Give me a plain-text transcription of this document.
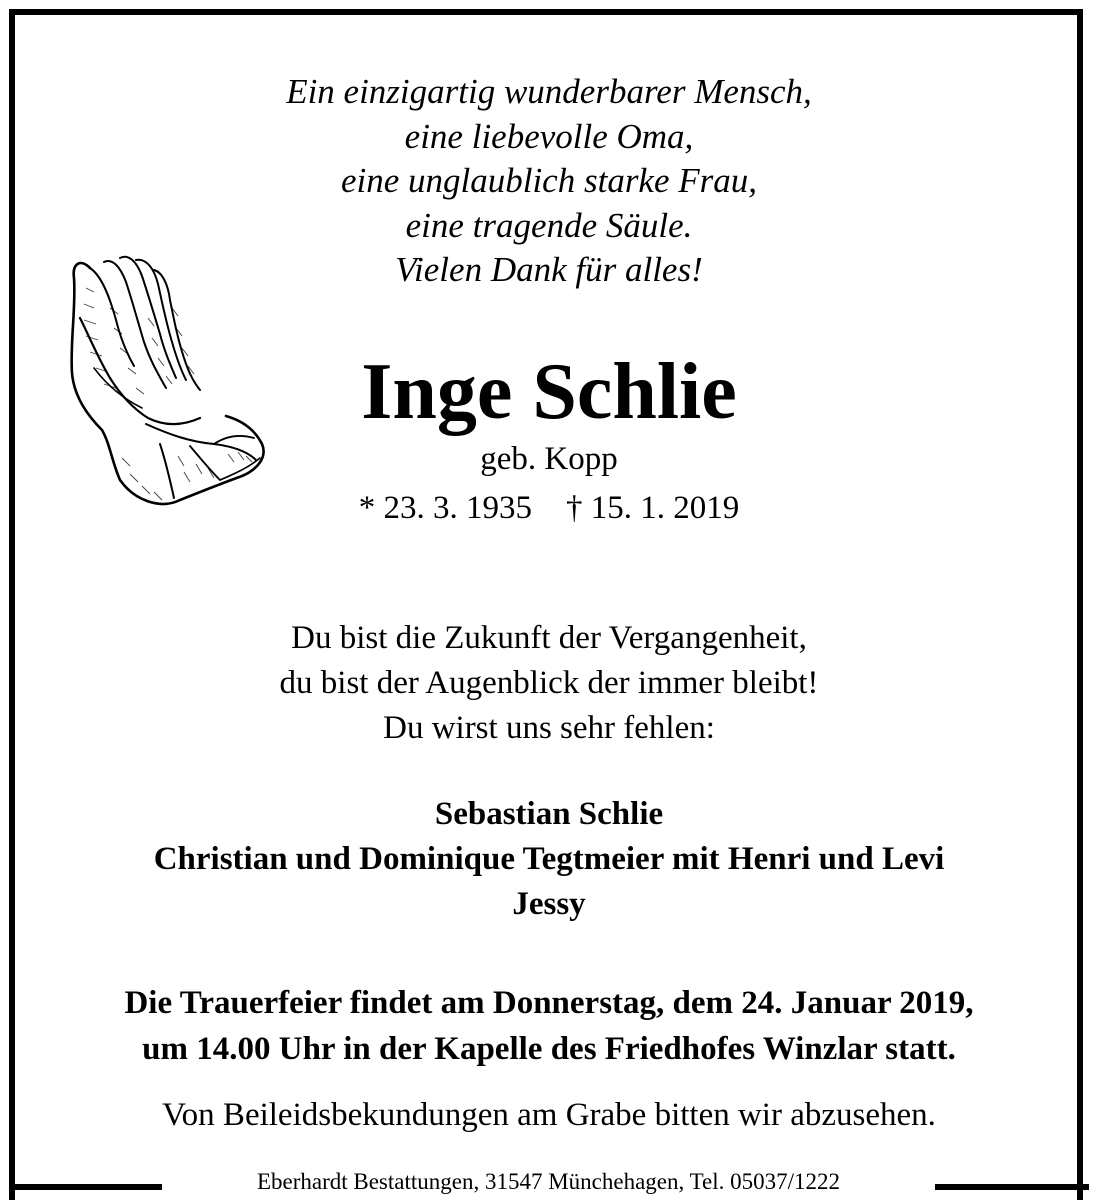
Ein einzigartig wunderbarer Mensch,
eine liebevolle Oma,
eine unglaublich starke Frau,
eine tragende Säule.
Vielen Dank für alles!
Inge Schlie
geb. Kopp
* 23. 3. 1935 † 15. 1. 2019
Du bist die Zukunft der Vergangenheit,
du bist der Augenblick der immer bleibt!
Du wirst uns sehr fehlen:
Sebastian Schlie
Christian und Dominique Tegtmeier mit Henri und Levi
Jessy
Die Trauerfeier findet am Donnerstag, dem 24. Januar 2019,
um 14.00 Uhr in der Kapelle des Friedhofes Winzlar statt.
Von Beileidsbekundungen am Grabe bitten wir abzusehen.
Eberhardt Bestattungen, 31547 Münchehagen, Tel. 05037/1222
